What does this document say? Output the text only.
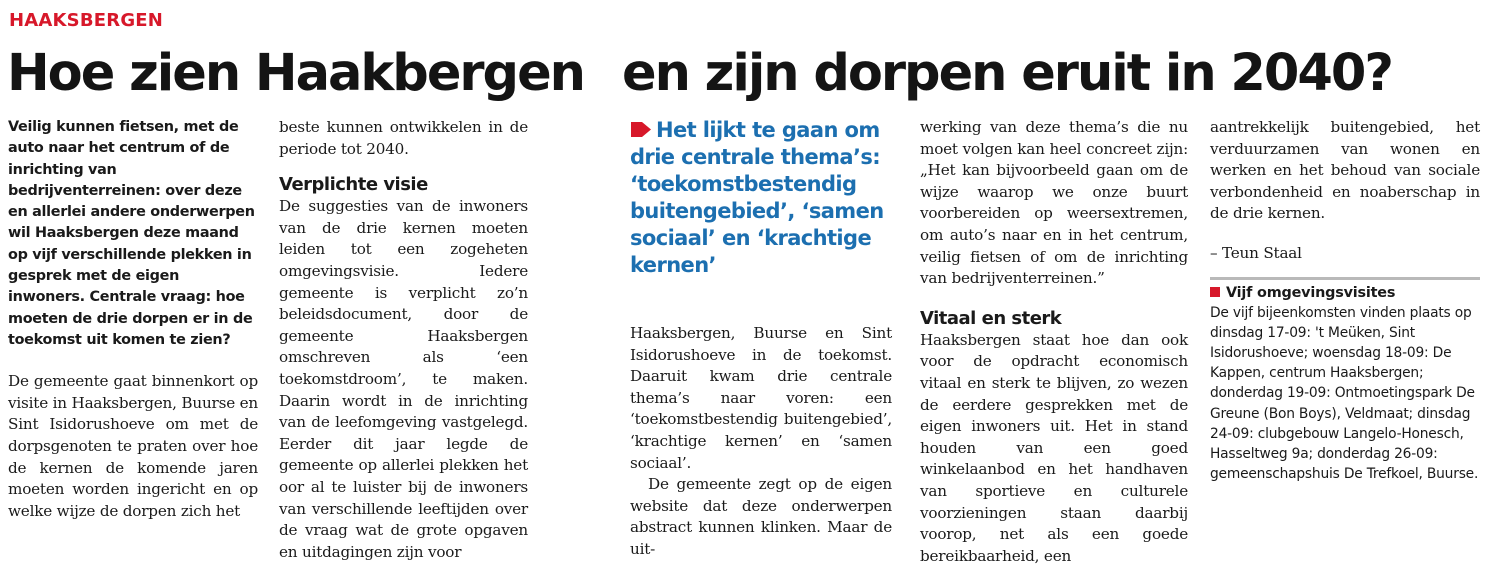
HAAKSBERGEN
Hoe zien Haakbergen en zijn dorpen eruit in 2040?

Veilig kunnen fietsen, met de auto naar het centrum of de inrichting van bedrijventerreinen: over deze en allerlei andere onderwerpen wil Haaksbergen deze maand op vijf verschillende plekken in gesprek met de eigen inwoners. Centrale vraag: hoe moeten de drie dorpen er in de toekomst uit komen te zien?

De gemeente gaat binnenkort op visite in Haaksbergen, Buurse en Sint Isidorushoeve om met de dorpsgenoten te praten over hoe de kernen de komende jaren moeten worden ingericht en op welke wijze de dorpen zich het

beste kunnen ontwikkelen in de periode tot 2040.

Verplichte visie

De suggesties van de inwoners van de drie kernen moeten leiden tot een zogeheten omgevingsvisie. Iedere gemeente is verplicht zo’n beleidsdocument, door de gemeente Haaksbergen omschreven als ‘een toekomstdroom’, te maken. Daarin wordt in de inrichting van de leefomgeving vastgelegd. Eerder dit jaar legde de gemeente op allerlei plekken het oor al te luister bij de inwoners van verschillende leeftijden over de vraag wat de grote opgaven en uitdagingen zijn voor

Het lijkt te gaan om drie centrale thema’s: ‘toekomstbestendig buitengebied’, ‘samen sociaal’ en ‘krachtige kernen’

Haaksbergen, Buurse en Sint Isidorushoeve in de toekomst. Daaruit kwam drie centrale thema’s naar voren: een ‘toekomstbestendig buitengebied’, ‘krachtige kernen’ en ‘samen sociaal’.

De gemeente zegt op de eigen website dat deze onderwerpen abstract kunnen klinken. Maar de uit-

werking van deze thema’s die nu moet volgen kan heel concreet zijn: „Het kan bijvoorbeeld gaan om de wijze waarop we onze buurt voorbereiden op weersextremen, om auto’s naar en in het centrum, veilig fietsen of om de inrichting van bedrijventerreinen.”

Vitaal en sterk

Haaksbergen staat hoe dan ook voor de opdracht economisch vitaal en sterk te blijven, zo wezen de eerdere gesprekken met de eigen inwoners uit. Het in stand houden van een goed winkelaanbod en het handhaven van sportieve en culturele voorzieningen staan daarbij voorop, net als een goede bereikbaarheid, een

aantrekkelijk buitengebied, het verduurzamen van wonen en werken en het behoud van sociale verbondenheid en noaberschap in de drie kernen.

– Teun Staal

Vijf omgevingsvisites

De vijf bijeenkomsten vinden plaats op dinsdag 17-09: 't Meüken, Sint Isidorushoeve; woensdag 18-09: De Kappen, centrum Haaksbergen; donderdag 19-09: Ontmoetingspark De Greune (Bon Boys), Veldmaat; dinsdag 24-09: clubgebouw Langelo-Honesch, Hasseltweg 9a; donderdag 26-09: gemeenschapshuis De Trefkoel, Buurse.
